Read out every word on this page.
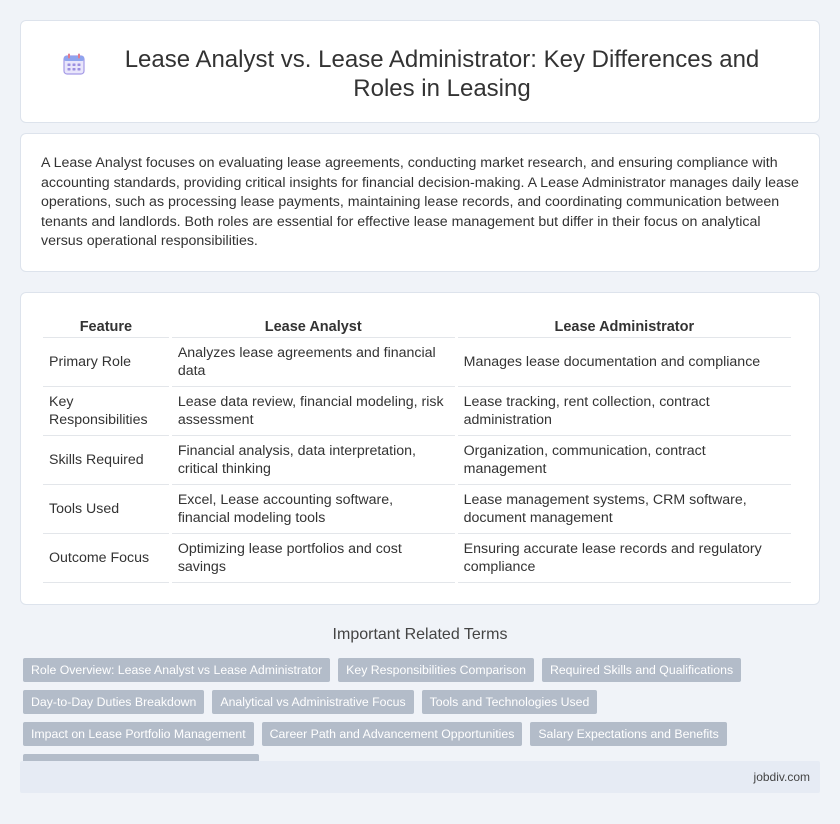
Lease Analyst vs. Lease Administrator: Key Differences and Roles in Leasing

A Lease Analyst focuses on evaluating lease agreements, conducting market research, and ensuring compliance with accounting standards, providing critical insights for financial decision-making. A Lease Administrator manages daily lease operations, such as processing lease payments, maintaining lease records, and coordinating communication between tenants and landlords. Both roles are essential for effective lease management but differ in their focus on analytical versus operational responsibilities.

Feature	Lease Analyst	Lease Administrator
Primary Role	Analyzes lease agreements and financial data	Manages lease documentation and compliance
Key Responsibilities	Lease data review, financial modeling, risk assessment	Lease tracking, rent collection, contract administration
Skills Required	Financial analysis, data interpretation, critical thinking	Organization, communication, contract management
Tools Used	Excel, Lease accounting software, financial modeling tools	Lease management systems, CRM software, document management
Outcome Focus	Optimizing lease portfolios and cost savings	Ensuring accurate lease records and regulatory compliance
Important Related Terms
Role Overview: Lease Analyst vs Lease Administrator	Key Responsibilities Comparison	Required Skills and Qualifications
Day-to-Day Duties Breakdown	Analytical vs Administrative Focus	Tools and Technologies Used
Impact on Lease Portfolio Management	Career Path and Advancement Opportunities	Salary Expectations and Benefits
jobdiv.com
